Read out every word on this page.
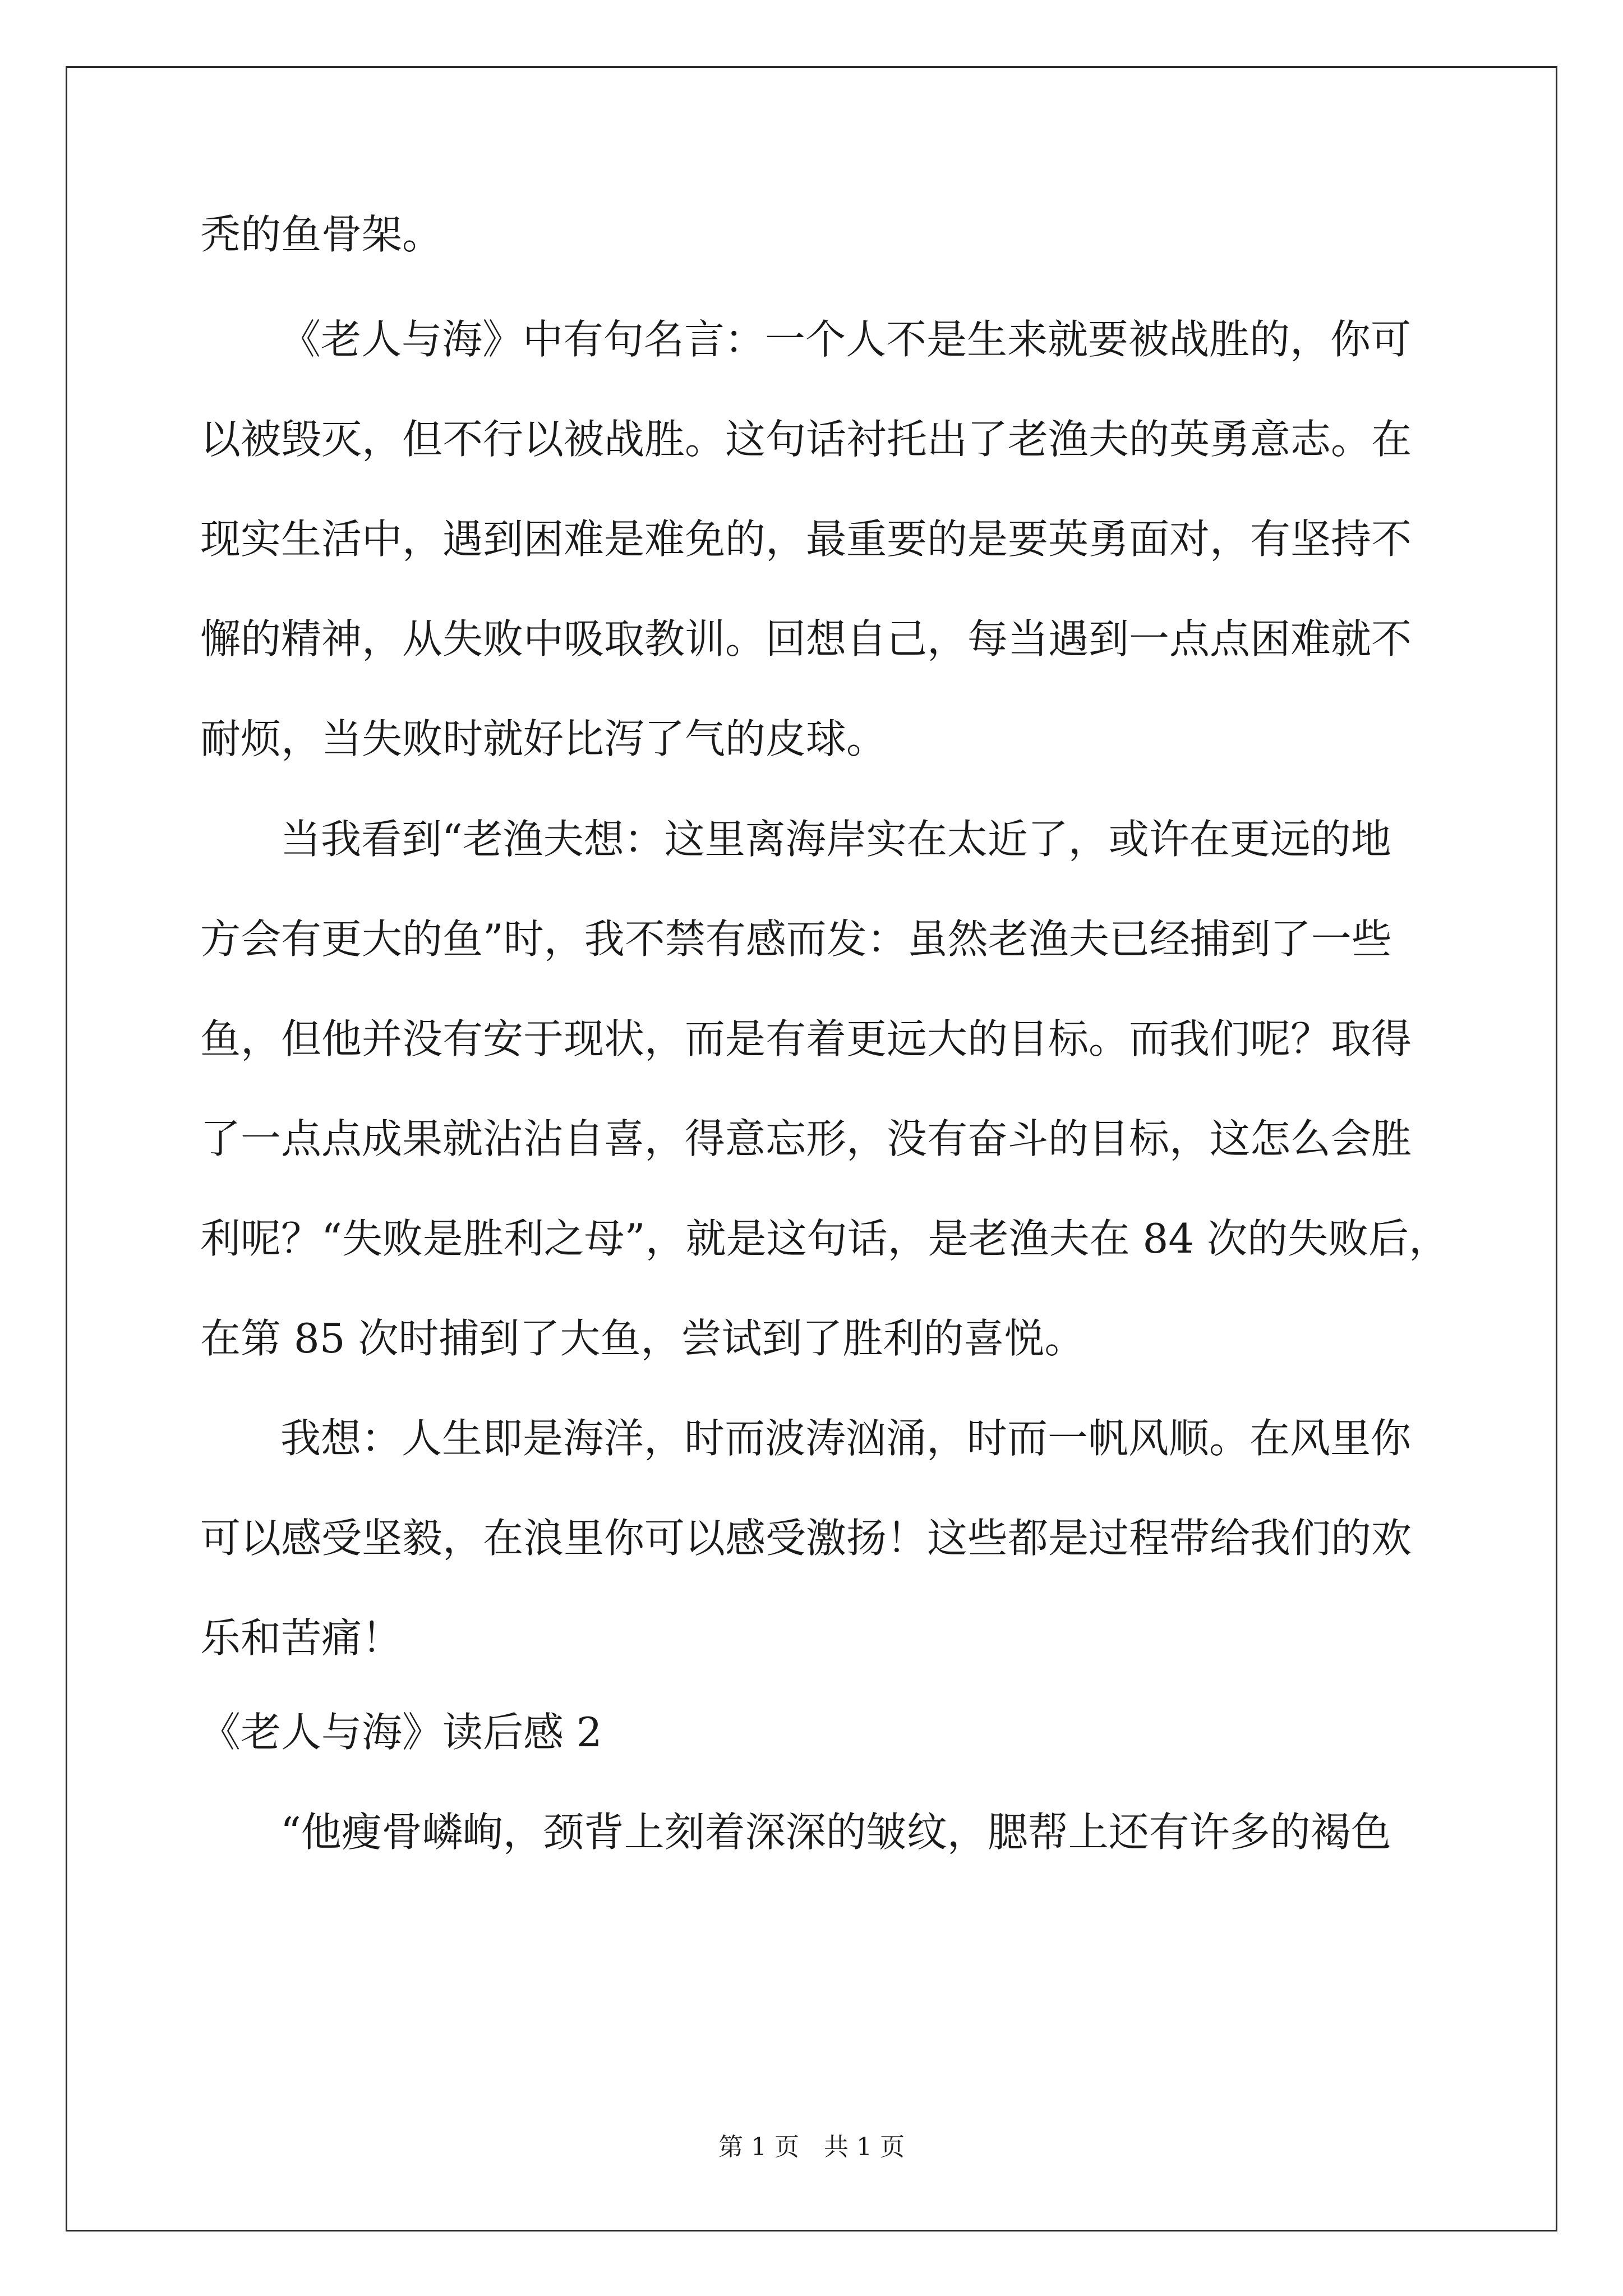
秃的鱼骨架。
《老人与海》中有句名言：一个人不是生来就要被战胜的，你可
以被毁灭，但不行以被战胜。这句话衬托出了老渔夫的英勇意志。在
现实生活中，遇到困难是难免的，最重要的是要英勇面对，有坚持不
懈的精神，从失败中吸取教训。回想自己，每当遇到一点点困难就不
耐烦，当失败时就好比泻了气的皮球。
当我看到“老渔夫想：这里离海岸实在太近了，或许在更远的地
方会有更大的鱼”时，我不禁有感而发：虽然老渔夫已经捕到了一些
鱼，但他并没有安于现状，而是有着更远大的目标。而我们呢？取得
了一点点成果就沾沾自喜，得意忘形，没有奋斗的目标，这怎么会胜
利呢？“失败是胜利之母”，就是这句话，是老渔夫在 84 次的失败后，
在第 85 次时捕到了大鱼，尝试到了胜利的喜悦。
我想：人生即是海洋，时而波涛汹涌，时而一帆风顺。在风里你
可以感受坚毅，在浪里你可以感受激扬！这些都是过程带给我们的欢
乐和苦痛！
《老人与海》读后感 2
“他瘦骨嶙峋，颈背上刻着深深的皱纹，腮帮上还有许多的褐色
第 1 页　共 1 页
